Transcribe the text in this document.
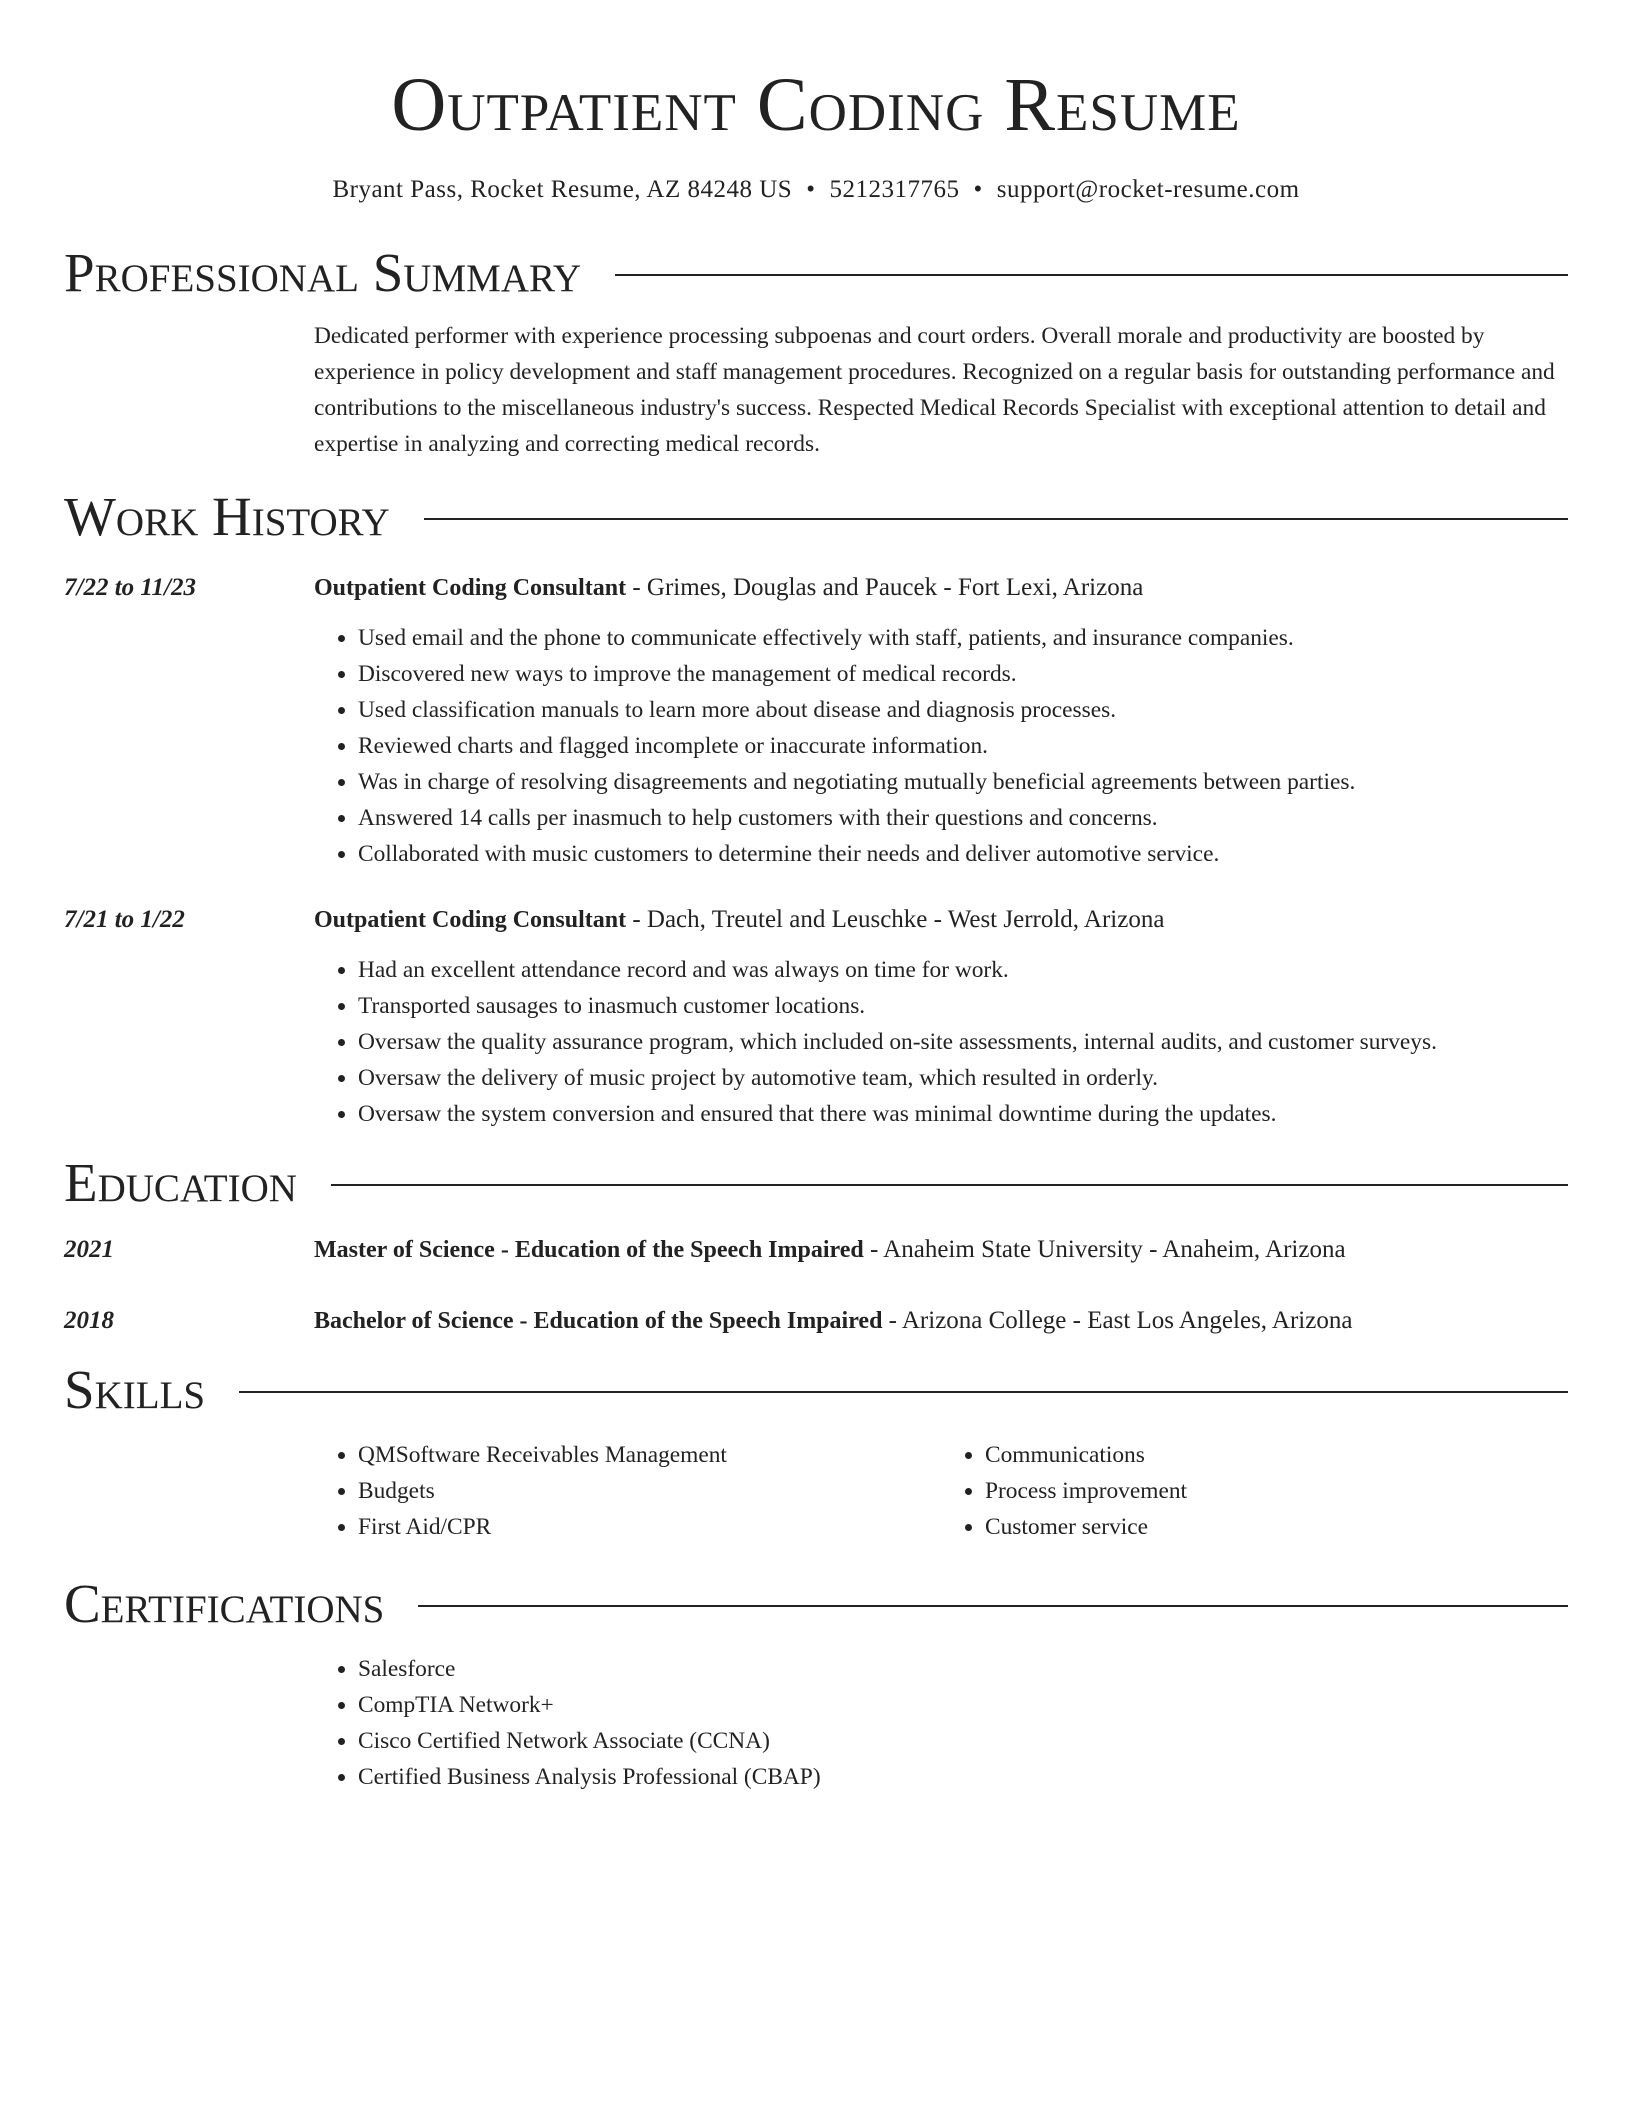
Outpatient Coding Resume
Bryant Pass, Rocket Resume, AZ 84248 US • 5212317765 • support@rocket-resume.com
Professional Summary
Dedicated performer with experience processing subpoenas and court orders. Overall morale and productivity are boosted by experience in policy development and staff management procedures. Recognized on a regular basis for outstanding performance and contributions to the miscellaneous industry's success. Respected Medical Records Specialist with exceptional attention to detail and expertise in analyzing and correcting medical records.
Work History
7/22 to 11/23	Outpatient Coding Consultant - Grimes, Douglas and Paucek - Fort Lexi, Arizona
• Used email and the phone to communicate effectively with staff, patients, and insurance companies.
• Discovered new ways to improve the management of medical records.
• Used classification manuals to learn more about disease and diagnosis processes.
• Reviewed charts and flagged incomplete or inaccurate information.
• Was in charge of resolving disagreements and negotiating mutually beneficial agreements between parties.
• Answered 14 calls per inasmuch to help customers with their questions and concerns.
• Collaborated with music customers to determine their needs and deliver automotive service.
7/21 to 1/22	Outpatient Coding Consultant - Dach, Treutel and Leuschke - West Jerrold, Arizona
• Had an excellent attendance record and was always on time for work.
• Transported sausages to inasmuch customer locations.
• Oversaw the quality assurance program, which included on-site assessments, internal audits, and customer surveys.
• Oversaw the delivery of music project by automotive team, which resulted in orderly.
• Oversaw the system conversion and ensured that there was minimal downtime during the updates.
Education
2021	Master of Science - Education of the Speech Impaired - Anaheim State University - Anaheim, Arizona
2018	Bachelor of Science - Education of the Speech Impaired - Arizona College - East Los Angeles, Arizona
Skills
• QMSoftware Receivables Management
• Budgets
• First Aid/CPR
• Communications
• Process improvement
• Customer service
Certifications
• Salesforce
• CompTIA Network+
• Cisco Certified Network Associate (CCNA)
• Certified Business Analysis Professional (CBAP)
